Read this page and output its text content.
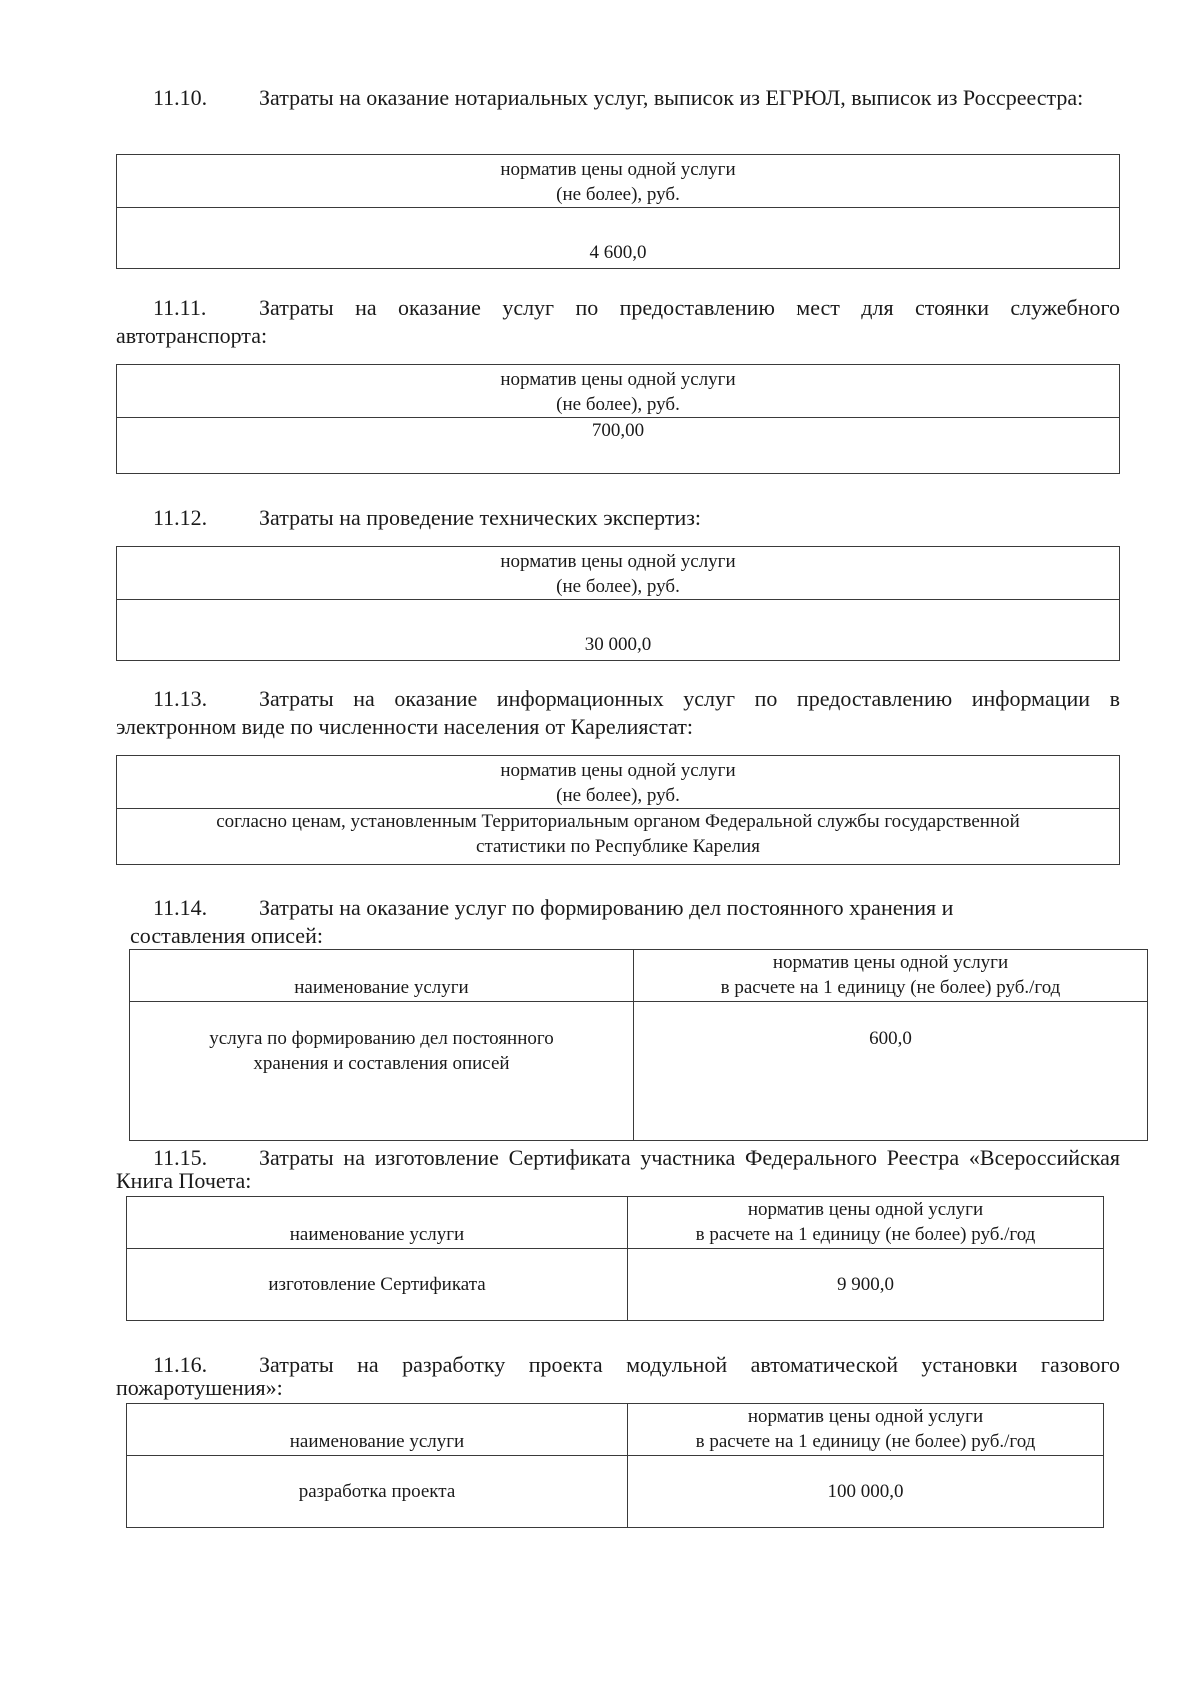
11.10. Затраты на оказание нотариальных услуг, выписок из ЕГРЮЛ, выписок из Россреестра:
норматив цены одной услуги
(не более), руб.

4 600,0
11.11. Затраты на оказание услуг по предоставлению мест для стоянки служебного автотранспорта:
норматив цены одной услуги
(не более), руб.

700,00
11.12. Затраты на проведение технических экспертиз:
норматив цены одной услуги
(не более), руб.

30 000,0
11.13. Затраты на оказание информационных услуг по предоставлению информации в электронном виде по численности населения от Карелиястат:
норматив цены одной услуги
(не более), руб.

согласно ценам, установленным Территориальным органом Федеральной службы государственной
статистики по Республике Карелия
11.14. Затраты на оказание услуг по формированию дел постоянного хранения и
составления описей:
наименование услуги	норматив цены одной услуги
в расчете на 1 единицу (не более) руб./год

услуга по формированию дел постоянного
хранения и составления описей	600,0
11.15. Затраты на изготовление Сертификата участника Федерального Реестра «Всероссийская
Книга Почета:
наименование услуги	норматив цены одной услуги
в расчете на 1 единицу (не более) руб./год

изготовление Сертификата	9 900,0
11.16. Затраты на разработку проекта модульной автоматической установки газового
пожаротушения»:
наименование услуги	норматив цены одной услуги
в расчете на 1 единицу (не более) руб./год

разработка проекта	100 000,0
